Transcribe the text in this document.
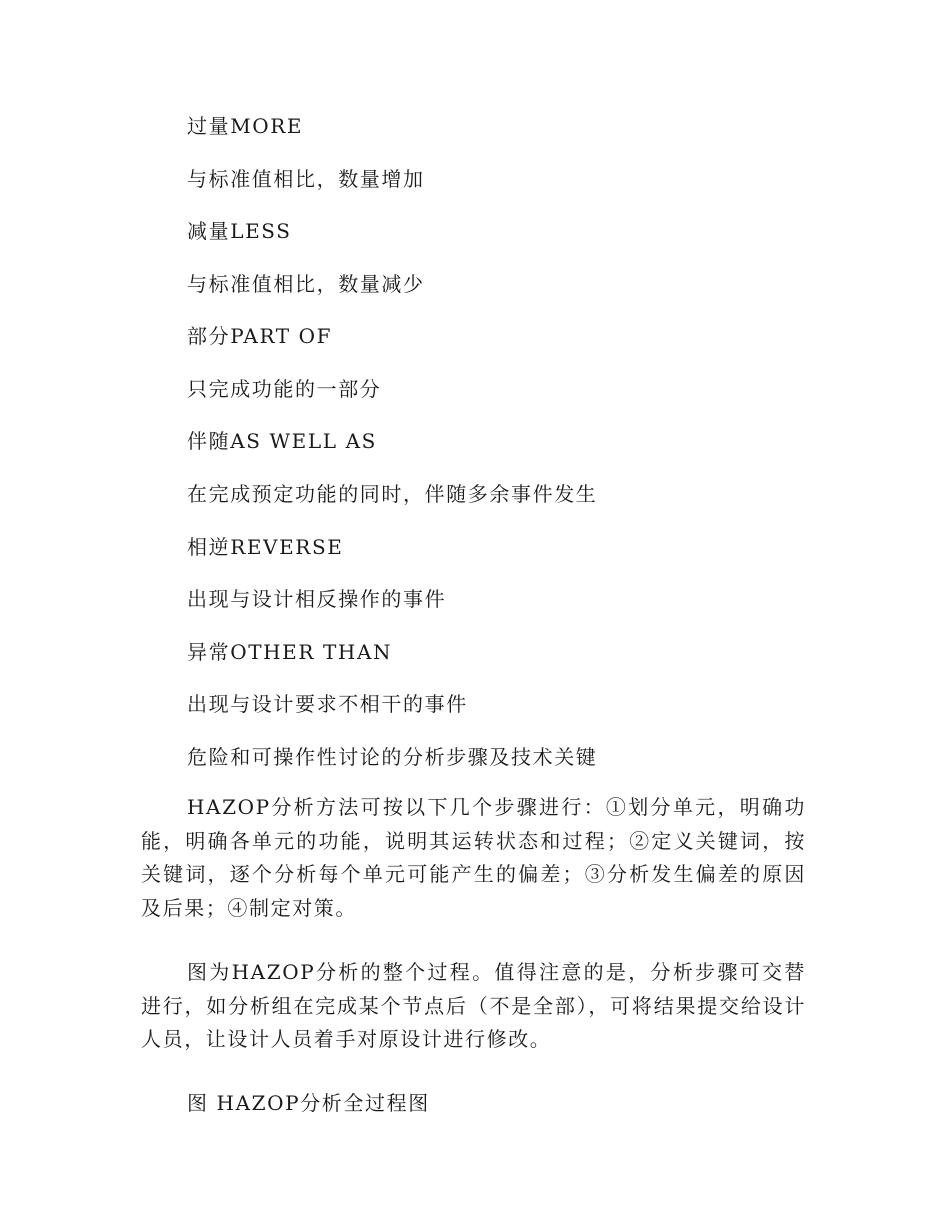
过量MORE
与标准值相比，数量增加
减量LESS
与标准值相比，数量减少
部分PART OF
只完成功能的一部分
伴随AS WELL AS
在完成预定功能的同时，伴随多余事件发生
相逆REVERSE
出现与设计相反操作的事件
异常OTHER THAN
出现与设计要求不相干的事件
危险和可操作性讨论的分析步骤及技术关键

HAZOP分析方法可按以下几个步骤进行：①划分单元，明确功能，明确各单元的功能，说明其运转状态和过程；②定义关键词，按关键词，逐个分析每个单元可能产生的偏差；③分析发生偏差的原因及后果；④制定对策。

图为HAZOP分析的整个过程。值得注意的是，分析步骤可交替进行，如分析组在完成某个节点后（不是全部），可将结果提交给设计人员，让设计人员着手对原设计进行修改。

图 HAZOP分析全过程图
